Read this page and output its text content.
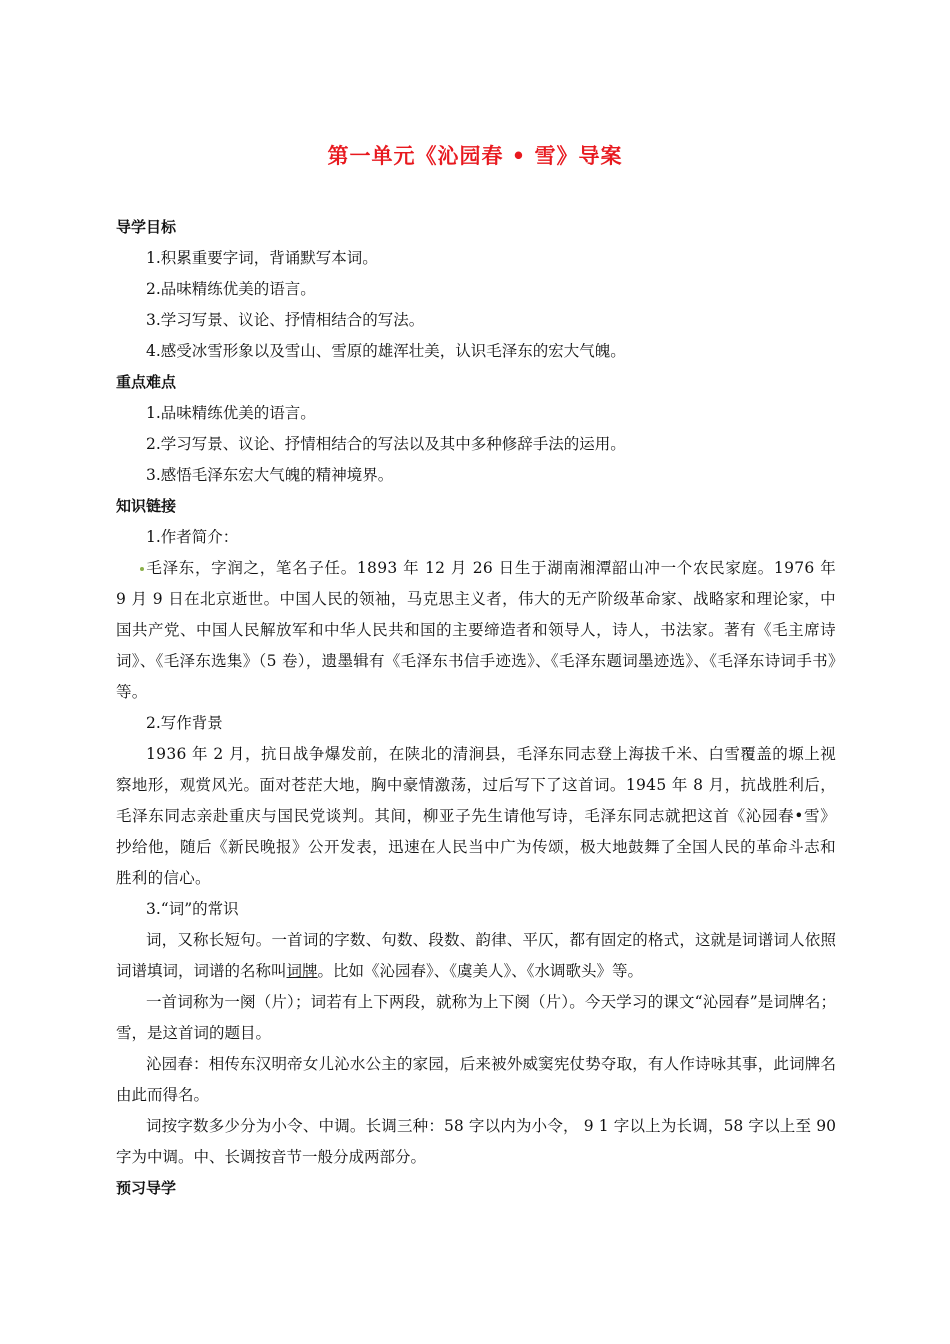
第一单元《沁园春 • 雪》导案

导学目标

1.积累重要字词，背诵默写本词。

2.品味精练优美的语言。

3.学习写景、议论、抒情相结合的写法。

4.感受冰雪形象以及雪山、雪原的雄浑壮美，认识毛泽东的宏大气魄。

重点难点

1.品味精练优美的语言。

2.学习写景、议论、抒情相结合的写法以及其中多种修辞手法的运用。

3.感悟毛泽东宏大气魄的精神境界。

知识链接

1.作者简介：

毛泽东，字润之，笔名子任。1893 年 12 月 26 日生于湖南湘潭韶山冲一个农民家庭。1976 年 9 月 9 日在北京逝世。中国人民的领袖，马克思主义者，伟大的无产阶级革命家、战略家和理论家，中国共产党、中国人民解放军和中华人民共和国的主要缔造者和领导人，诗人，书法家。著有《毛主席诗词》、《毛泽东选集》（5 卷），遗墨辑有《毛泽东书信手迹选》、《毛泽东题词墨迹选》、《毛泽东诗词手书》等。

2.写作背景

1936 年 2 月，抗日战争爆发前，在陕北的清涧县，毛泽东同志登上海拔千米、白雪覆盖的塬上视察地形，观赏风光。面对苍茫大地，胸中豪情激荡，过后写下了这首词。1945 年 8 月，抗战胜利后，毛泽东同志亲赴重庆与国民党谈判。其间，柳亚子先生请他写诗，毛泽东同志就把这首《沁园春•雪》抄给他，随后《新民晚报》公开发表，迅速在人民当中广为传颂，极大地鼓舞了全国人民的革命斗志和胜利的信心。

3.“词”的常识

词，又称长短句。一首词的字数、句数、段数、韵律、平仄，都有固定的格式，这就是词谱词人依照词谱填词，词谱的名称叫词牌。比如《沁园春》、《虞美人》、《水调歌头》等。

一首词称为一阕（片）；词若有上下两段，就称为上下阕（片）。今天学习的课文“沁园春”是词牌名；雪，是这首词的题目。

沁园春：相传东汉明帝女儿沁水公主的家园，后来被外威窦宪仗势夺取，有人作诗咏其事，此词牌名由此而得名。

词按字数多少分为小令、中调。长调三种：58 字以内为小令， 9 1 字以上为长调，58 字以上至 90 字为中调。中、长调按音节一般分成两部分。

预习导学
